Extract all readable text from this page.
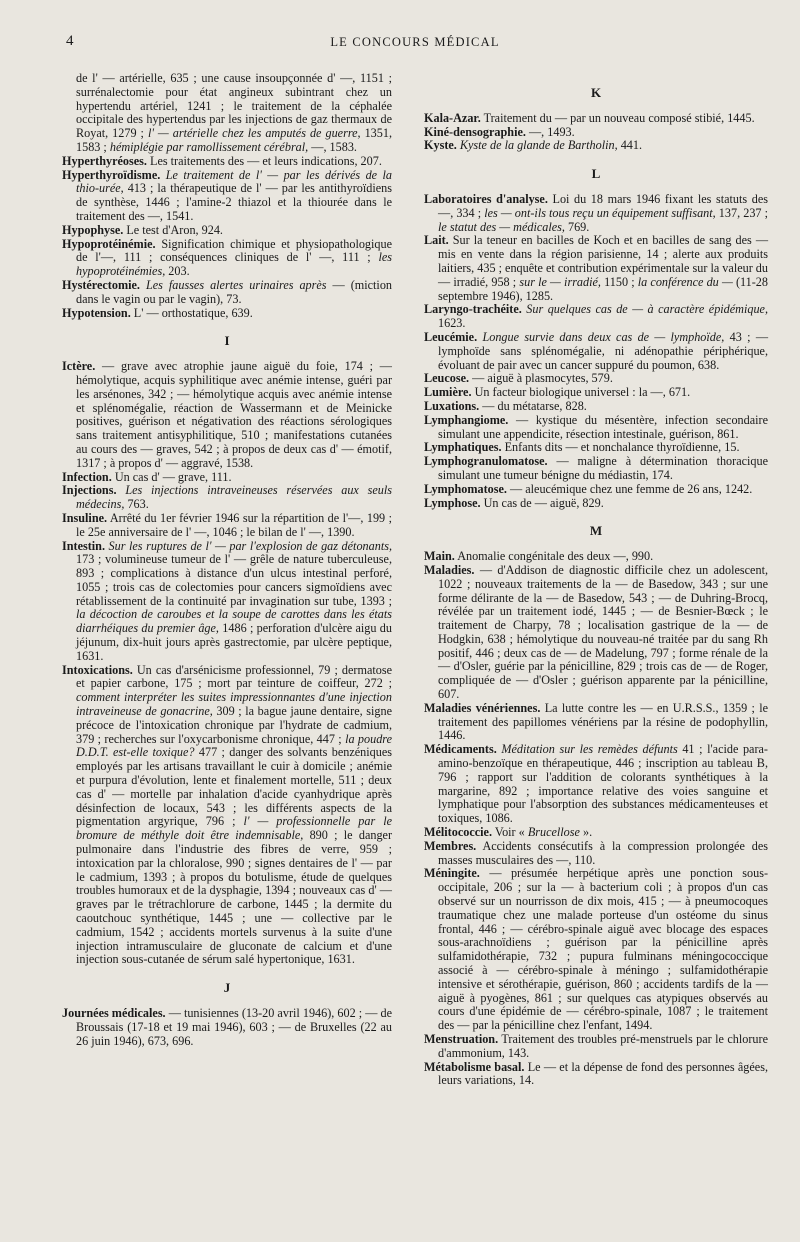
4	LE CONCOURS MÉDICAL

de l' — artérielle, 635 ; une cause insoupçonnée d' —, 1151 ; surrénalectomie pour état angineux subintrant chez un hypertendu artériel, 1241 ; le traitement de la céphalée occipitale des hypertendus par les injections de gaz thermaux de Royat, 1279 ; l' — artérielle chez les amputés de guerre, 1351, 1583 ; hémiplégie par ramollissement cérébral, —, 1583.

Hyperthyréoses. Les traitements des — et leurs indications, 207.

Hyperthyroïdisme. Le traitement de l' — par les dérivés de la thio-urée, 413 ; la thérapeutique de l' — par les antithyroïdiens de synthèse, 1446 ; l'amine-2 thiazol et la thiourée dans le traitement des —, 1541.

Hypophyse. Le test d'Aron, 924.

Hypoprotéinémie. Signification chimique et physiopathologique de l'—, 111 ; conséquences cliniques de l' —, 111 ; les hypoprotéinémies, 203.

Hystérectomie. Les fausses alertes urinaires après — (miction dans le vagin ou par le vagin), 73.

Hypotension. L' — orthostatique, 639.

I

Ictère. — grave avec atrophie jaune aiguë du foie, 174 ; — hémolytique, acquis syphilitique avec anémie intense, guéri par les arsénones, 342 ; — hémolytique acquis avec anémie intense et splénomégalie, réaction de Wassermann et de Meinicke positives, guérison et négativation des réactions sérologiques sans traitement antisyphilitique, 510 ; manifestations cutanées au cours des — graves, 542 ; à propos de deux cas d' — émotif, 1317 ; à propos d' — aggravé, 1538.

Infection. Un cas d' — grave, 111.

Injections. Les injections intraveineuses réservées aux seuls médecins, 763.

Insuline. Arrêté du 1er février 1946 sur la répartition de l'—, 199 ; le 25e anniversaire de l' —, 1046 ; le bilan de l' —, 1390.

Intestin. Sur les ruptures de l' — par l'explosion de gaz détonants, 173 ; volumineuse tumeur de l' — grêle de nature tuberculeuse, 893 ; complications à distance d'un ulcus intestinal perforé, 1055 ; trois cas de colectomies pour cancers sigmoïdiens avec rétablissement de la continuité par invagination sur tube, 1393 ; la décoction de caroubes et la soupe de carottes dans les états diarrhéiques du premier âge, 1486 ; perforation d'ulcère aigu du jéjunum, dix-huit jours après gastrectomie, par ulcère peptique, 1631.

Intoxications. Un cas d'arsénicisme professionnel, 79 ; dermatose et papier carbone, 175 ; mort par teinture de coiffeur, 272 ; comment interpréter les suites impressionnantes d'une injection intraveineuse de gonacrine, 309 ; la bague jaune dentaire, signe précoce de l'intoxication chronique par l'hydrate de cadmium, 379 ; recherches sur l'oxycarbonisme chronique, 447 ; la poudre D.D.T. est-elle toxique? 477 ; danger des solvants benzéniques employés par les artisans travaillant le cuir à domicile ; anémie et purpura d'évolution, lente et finalement mortelle, 511 ; deux cas d' — mortelle par inhalation d'acide cyanhydrique après désinfection de locaux, 543 ; les différents aspects de la pigmentation argyrique, 796 ; l' — professionnelle par le bromure de méthyle doit être indemnisable, 890 ; le danger pulmonaire dans l'industrie des fibres de verre, 959 ; intoxication par la chloralose, 990 ; signes dentaires de l' — par le cadmium, 1393 ; à propos du botulisme, étude de quelques troubles humoraux et de la dysphagie, 1394 ; nouveaux cas d' — graves par le trétrachlorure de carbone, 1445 ; la dermite du caoutchouc synthétique, 1445 ; une — collective par le cadmium, 1542 ; accidents mortels survenus à la suite d'une injection intramusculaire de gluconate de calcium et d'une injection sous-cutanée de sérum salé hypertonique, 1631.

J

Journées médicales. — tunisiennes (13-20 avril 1946), 602 ; — de Broussais (17-18 et 19 mai 1946), 603 ; — de Bruxelles (22 au 26 juin 1946), 673, 696.

K

Kala-Azar. Traitement du — par un nouveau composé stibié, 1445.

Kiné-densographie. —, 1493.

Kyste. Kyste de la glande de Bartholin, 441.

L

Laboratoires d'analyse. Loi du 18 mars 1946 fixant les statuts des —, 334 ; les — ont-ils tous reçu un équipement suffisant, 137, 237 ; le statut des — médicales, 769.

Lait. Sur la teneur en bacilles de Koch et en bacilles de sang des — mis en vente dans la région parisienne, 14 ; alerte aux produits laitiers, 435 ; enquête et contribution expérimentale sur la valeur du — irradié, 958 ; sur le — irradié, 1150 ; la conférence du — (11-28 septembre 1946), 1285.

Laryngo-trachéite. Sur quelques cas de — à caractère épidémique, 1623.

Leucémie. Longue survie dans deux cas de — lymphoïde, 43 ; — lymphoïde sans splénomégalie, ni adénopathie périphérique, évoluant de pair avec un cancer suppuré du poumon, 638.

Leucose. — aiguë à plasmocytes, 579.

Lumière. Un facteur biologique universel : la —, 671.

Luxations. — du métatarse, 828.

Lymphangiome. — kystique du mésentère, infection secondaire simulant une appendicite, résection intestinale, guérison, 861.

Lymphatiques. Enfants dits — et nonchalance thyroïdienne, 15.

Lymphogranulomatose. — maligne à détermination thoracique simulant une tumeur bénigne du médiastin, 174.

Lymphomatose. — aleucémique chez une femme de 26 ans, 1242.

Lymphose. Un cas de — aiguë, 829.

M

Main. Anomalie congénitale des deux —, 990.

Maladies. — d'Addison de diagnostic difficile chez un adolescent, 1022 ; nouveaux traitements de la — de Basedow, 343 ; sur une forme délirante de la — de Basedow, 543 ; — de Duhring-Brocq, révélée par un traitement iodé, 1445 ; — de Besnier-Bœck ; le traitement de Charpy, 78 ; localisation gastrique de la — de Hodgkin, 638 ; hémolytique du nouveau-né traitée par du sang Rh positif, 446 ; deux cas de — de Madelung, 797 ; forme rénale de la — d'Osler, guérie par la pénicilline, 829 ; trois cas de — de Roger, compliquée de — d'Osler ; guérison apparente par la pénicilline, 607.

Maladies vénériennes. La lutte contre les — en U.R.S.S., 1359 ; le traitement des papillomes vénériens par la résine de podophyllin, 1446.

Médicaments. Méditation sur les remèdes défunts 41 ; l'acide para-amino-benzoïque en thérapeutique, 446 ; inscription au tableau B, 796 ; rapport sur l'addition de colorants synthétiques à la margarine, 892 ; importance relative des voies sanguine et lymphatique pour l'absorption des substances médicamenteuses et toxiques, 1086.

Mélitococcie. Voir « Brucellose ».

Membres. Accidents consécutifs à la compression prolongée des masses musculaires des —, 110.

Méningite. — présumée herpétique après une ponction sous-occipitale, 206 ; sur la — à bacterium coli ; à propos d'un cas observé sur un nourrisson de dix mois, 415 ; — à pneumocoques traumatique chez une malade porteuse d'un ostéome du sinus frontal, 446 ; — cérébro-spinale aiguë avec blocage des espaces sous-arachnoïdiens ; guérison par la pénicilline après sulfamidothérapie, 732 ; pupura fulminans méningococcique associé à — cérébro-spinale à méningo ; sulfamidothérapie intensive et sérothérapie, guérison, 860 ; accidents tardifs de la — aiguë à pyogènes, 861 ; sur quelques cas atypiques observés au cours d'une épidémie de — cérébro-spinale, 1087 ; le traitement des — par la pénicilline chez l'enfant, 1494.

Menstruation. Traitement des troubles pré-menstruels par le chlorure d'ammonium, 143.

Métabolisme basal. Le — et la dépense de fond des personnes âgées, leurs variations, 14.
